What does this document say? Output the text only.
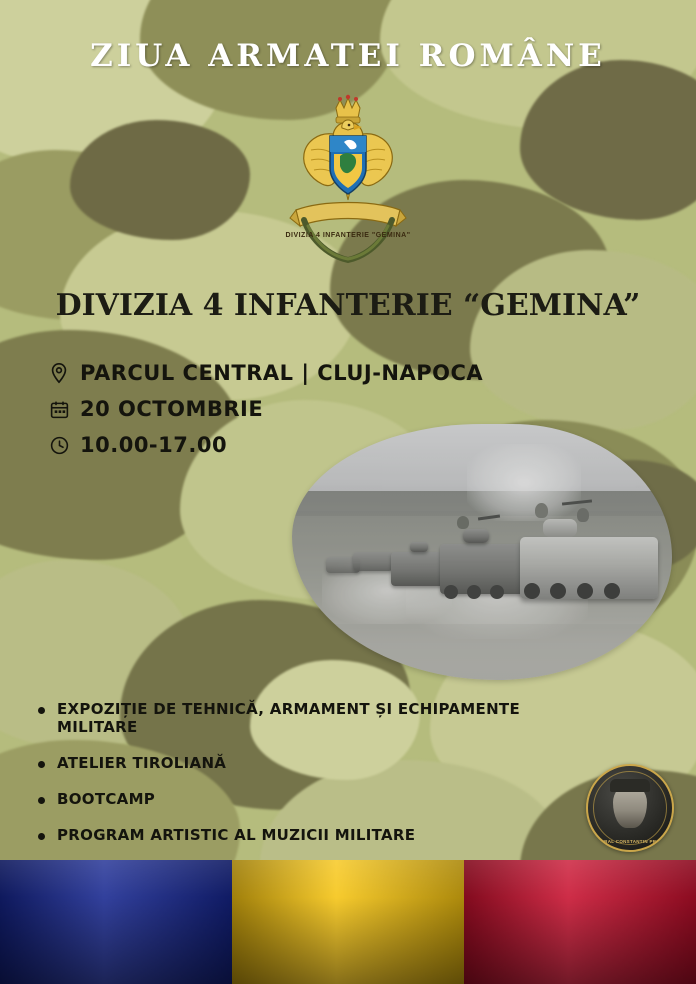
ZIUA ARMATEI ROMÂNE
DIVIZIA 4 INFANTERIE "GEMINA"
DIVIZIA 4 INFANTERIE “GEMINA”
PARCUL CENTRAL | CLUJ-NAPOCA
20 OCTOMBRIE
10.00-17.00
EXPOZIȚIE DE TEHNICĂ, ARMAMENT ȘI ECHIPAMENTE MILITARE
ATELIER TIROLIANĂ
BOOTCAMP
PROGRAM ARTISTIC AL MUZICII MILITARE	GENERAL CONSTANTIN PREZAN
